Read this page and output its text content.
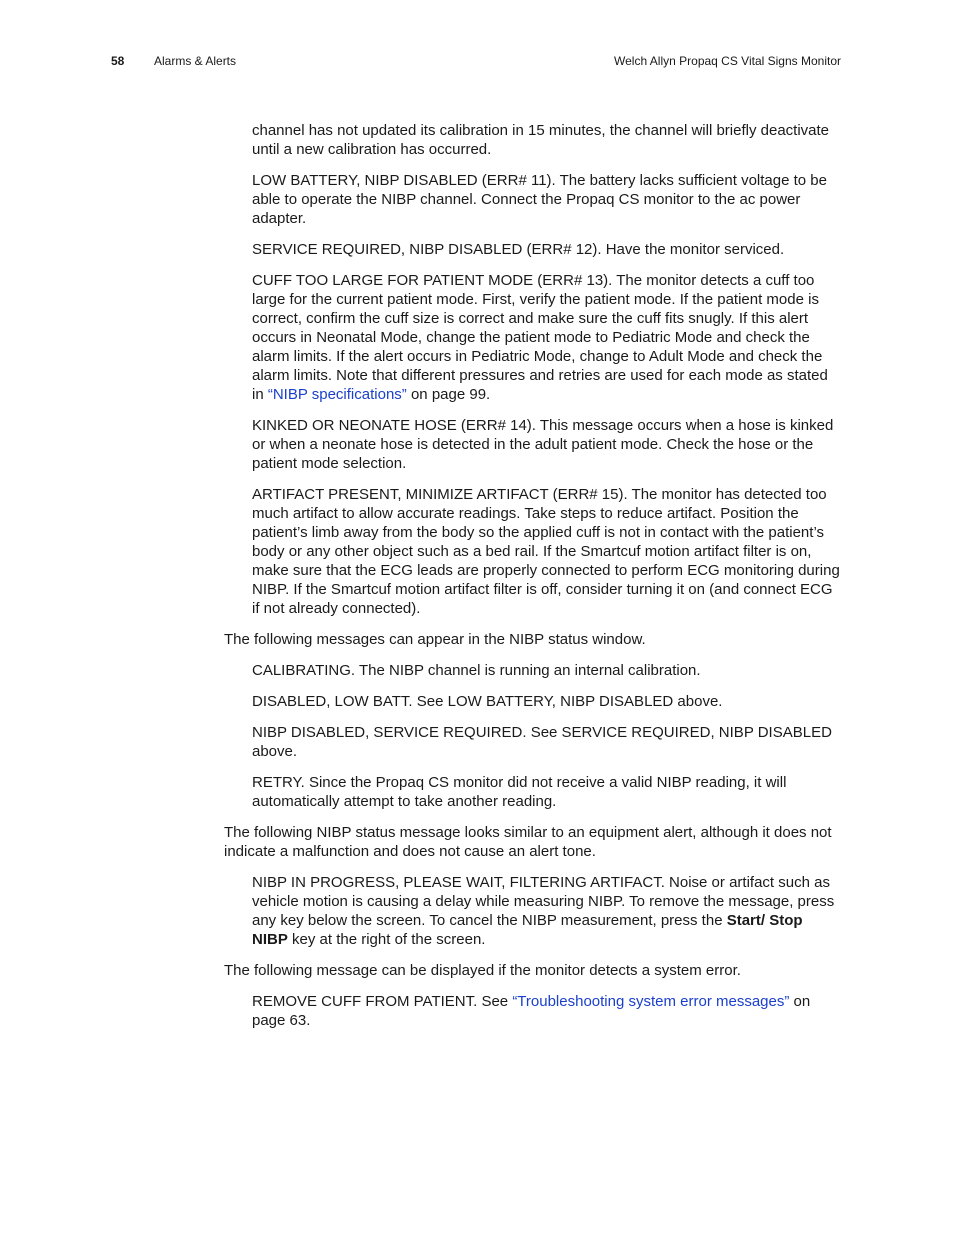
58 Alarms & Alerts	Welch Allyn Propaq CS Vital Signs Monitor

channel has not updated its calibration in 15 minutes, the channel will briefly deactivate until a new calibration has occurred.

LOW BATTERY, NIBP DISABLED (ERR# 11). The battery lacks sufficient voltage to be able to operate the NIBP channel. Connect the Propaq CS monitor to the ac power adapter.

SERVICE REQUIRED, NIBP DISABLED (ERR# 12). Have the monitor serviced.

CUFF TOO LARGE FOR PATIENT MODE (ERR# 13). The monitor detects a cuff too large for the current patient mode. First, verify the patient mode. If the patient mode is correct, confirm the cuff size is correct and make sure the cuff fits snugly. If this alert occurs in Neonatal Mode, change the patient mode to Pediatric Mode and check the alarm limits. If the alert occurs in Pediatric Mode, change to Adult Mode and check the alarm limits. Note that different pressures and retries are used for each mode as stated in “NIBP specifications” on page 99.

KINKED OR NEONATE HOSE (ERR# 14). This message occurs when a hose is kinked or when a neonate hose is detected in the adult patient mode. Check the hose or the patient mode selection.

ARTIFACT PRESENT, MINIMIZE ARTIFACT (ERR# 15). The monitor has detected too much artifact to allow accurate readings. Take steps to reduce artifact. Position the patient’s limb away from the body so the applied cuff is not in contact with the patient’s body or any other object such as a bed rail. If the Smartcuf motion artifact filter is on, make sure that the ECG leads are properly connected to perform ECG monitoring during NIBP. If the Smartcuf motion artifact filter is off, consider turning it on (and connect ECG if not already connected).

The following messages can appear in the NIBP status window.

CALIBRATING. The NIBP channel is running an internal calibration.

DISABLED, LOW BATT. See LOW BATTERY, NIBP DISABLED above.

NIBP DISABLED, SERVICE REQUIRED. See SERVICE REQUIRED, NIBP DISABLED above.

RETRY. Since the Propaq CS monitor did not receive a valid NIBP reading, it will automatically attempt to take another reading.

The following NIBP status message looks similar to an equipment alert, although it does not indicate a malfunction and does not cause an alert tone.

NIBP IN PROGRESS, PLEASE WAIT, FILTERING ARTIFACT. Noise or artifact such as vehicle motion is causing a delay while measuring NIBP. To remove the message, press any key below the screen. To cancel the NIBP measurement, press the Start/ Stop NIBP key at the right of the screen.

The following message can be displayed if the monitor detects a system error.

REMOVE CUFF FROM PATIENT. See “Troubleshooting system error messages” on page 63.
